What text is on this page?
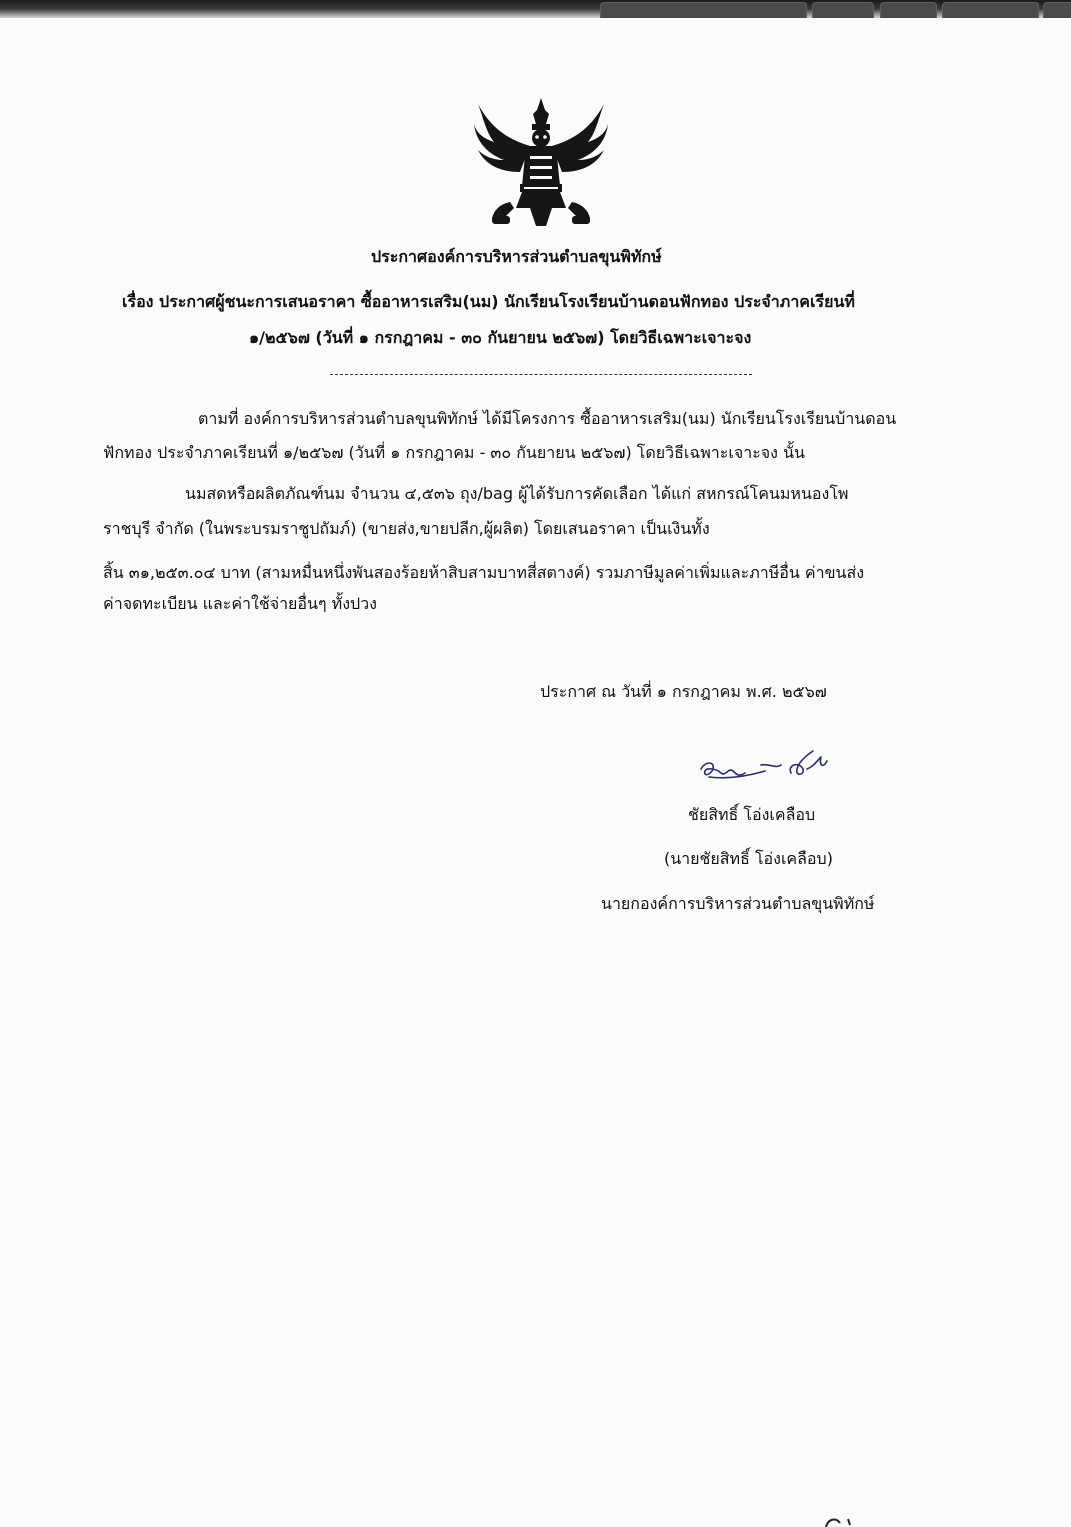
ประกาศองค์การบริหารส่วนตำบลขุนพิทักษ์
เรื่อง ประกาศผู้ชนะการเสนอราคา ซื้ออาหารเสริม(นม) นักเรียนโรงเรียนบ้านดอนฟักทอง ประจำภาคเรียนที่
๑/๒๕๖๗ (วันที่ ๑ กรกฎาคม - ๓๐ กันยายน ๒๕๖๗) โดยวิธีเฉพาะเจาะจง
ตามที่ องค์การบริหารส่วนตำบลขุนพิทักษ์ ได้มีโครงการ ซื้ออาหารเสริม(นม) นักเรียนโรงเรียนบ้านดอน
ฟักทอง ประจำภาคเรียนที่ ๑/๒๕๖๗ (วันที่ ๑ กรกฎาคม - ๓๐ กันยายน ๒๕๖๗) โดยวิธีเฉพาะเจาะจง นั้น
นมสดหรือผลิตภัณฑ์นม จำนวน ๔,๕๓๖ ถุง/bag ผู้ได้รับการคัดเลือก ได้แก่ สหกรณ์โคนมหนองโพ
ราชบุรี จำกัด (ในพระบรมราชูปถัมภ์) (ขายส่ง,ขายปลีก,ผู้ผลิต) โดยเสนอราคา เป็นเงินทั้ง
สิ้น ๓๑,๒๕๓.๐๔ บาท (สามหมื่นหนึ่งพันสองร้อยห้าสิบสามบาทสี่สตางค์) รวมภาษีมูลค่าเพิ่มและภาษีอื่น ค่าขนส่ง
ค่าจดทะเบียน และค่าใช้จ่ายอื่นๆ ทั้งปวง
ประกาศ ณ วันที่ ๑ กรกฎาคม พ.ศ. ๒๕๖๗
ชัยสิทธิ์ โอ่งเคลือบ
(นายชัยสิทธิ์ โอ่งเคลือบ)
นายกองค์การบริหารส่วนตำบลขุนพิทักษ์
